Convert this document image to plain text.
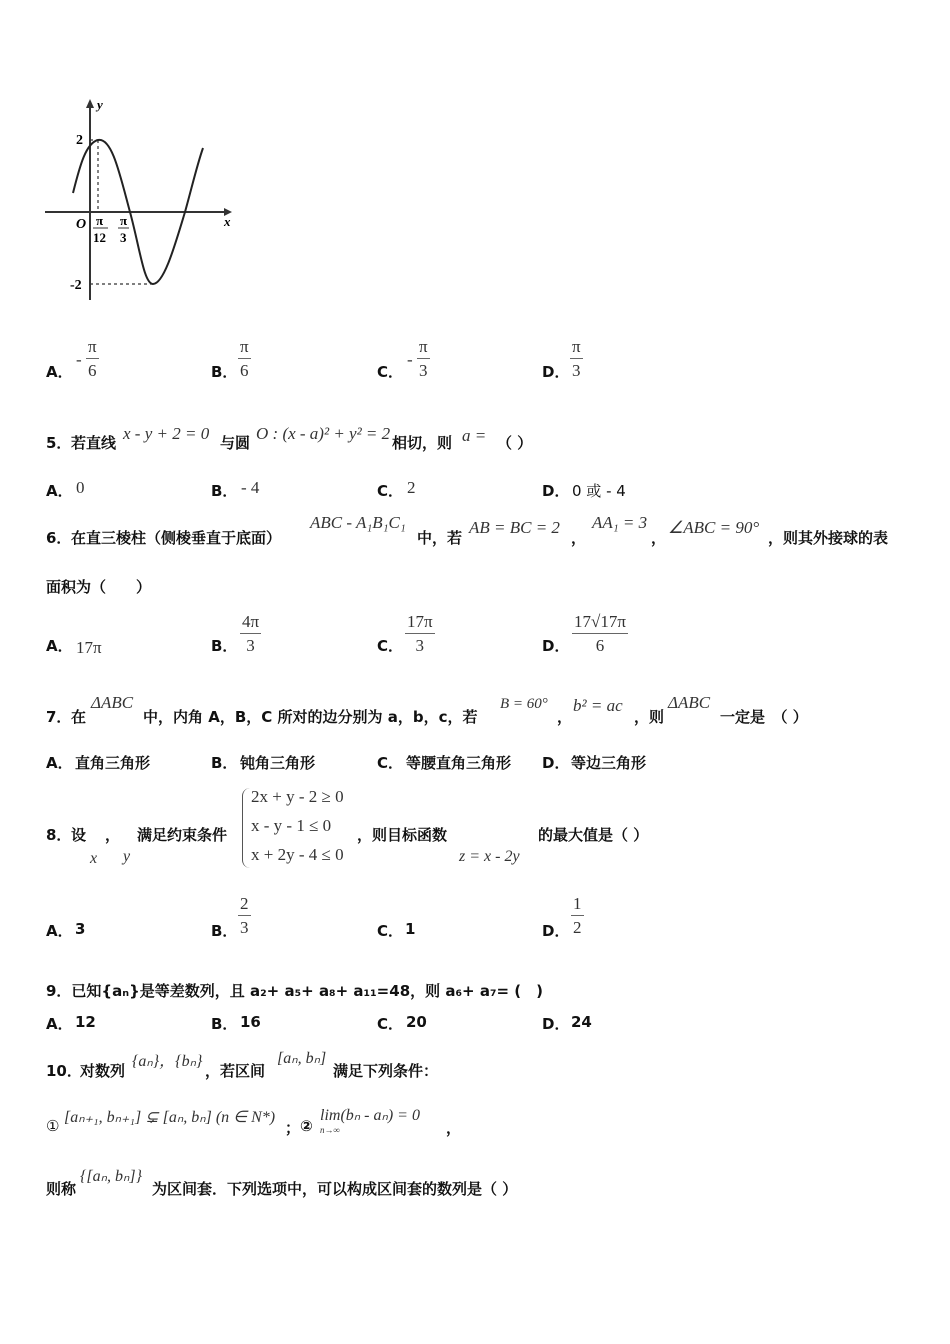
y
x
O
2
-2
π
12
π
3
A．
- $\frac{\pi}{6}$	B． $\frac{\pi}{6}$	C．
- $\frac{\pi}{3}$	D． $\frac{\pi}{3}$
5． 若直线 x - y + 2 = 0 与圆 O : (x - a)² + y² = 2 相切，则 a = （ ）
A． 0	B． - 4	C． 2	D． 0 或 - 4
6． 在直三棱柱（侧棱垂直于底面）
ABC - A₁B₁C₁
中，若
AB = BC = 2
，
AA₁ = 3
，
∠ABC = 90°
，则其外接球的表
面积为（　　）
A． 17π	B． $\frac{4\pi}{3}$	C． $\frac{17\pi}{3}$	D． $\frac{17√17\pi}{6}$
7． 在
ΔABC
中，内角 A，B，C 所对的边分别为 a，b，c，若
B = 60°
，
b² = ac
，则
ΔABC
一定是　（ ）
A． 直角三角形	B． 钝角三角形	C． 等腰直角三角形 D． 等边三角形
8． 设 ， 满足约束条件
x y
2x + y - 2 ≥ 0
x - y - 1 ≤ 0
x + 2y - 4 ≤ 0
，则目标函数
z = x - 2y
的最大值是（ ）
A． 3	B． $\frac{2}{3}$	C． 1	D． $\frac{1}{2}$
9．已知{aₙ}是等差数列，且 a₂+ a₅+ a₈+ a₁₁=48，则 a₆+ a₇= (　)
A． 12	B． 16	C． 20	D． 24
10．
对数列
{aₙ}，{bₙ}
，若区间
[aₙ, bₙ]
满足下列条件：
① [aₙ₊₁, bₙ₊₁] ⊊ [aₙ, bₙ] (n ∈ N*)
； ②
lim(bₙ - aₙ) = 0
n→∞	，
则称
{[aₙ, bₙ]}
为区间套．下列选项中，可以构成区间套的数列是（ ）
